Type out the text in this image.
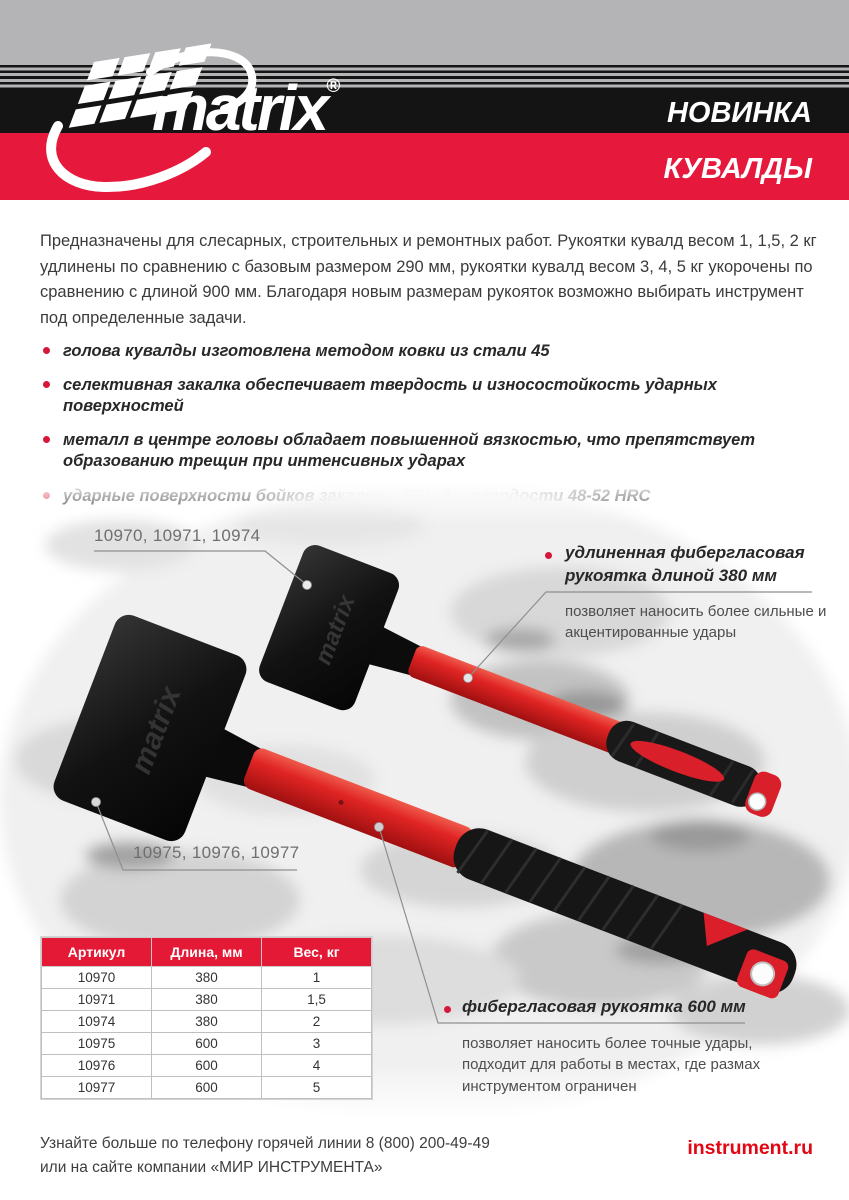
matrix®
НОВИНКА
КУВАЛДЫ
Предназначены для слесарных, строительных и ремонтных работ. Рукоятки кувалд весом 1, 1,5, 2 кг удлинены по сравнению с базовым размером 290 мм, рукоятки кувалд весом 3, 4, 5 кг укорочены по сравнению с длиной 900 мм. Благодаря новым размерам рукояток возможно выбирать инструмент под определенные задачи.
голова кувалды изготовлена методом ковки из стали 45
селективная закалка обеспечивает твердость и износостойкость ударных поверхностей
металл в центре головы обладает повышенной вязкостью, что препятствует образованию трещин при интенсивных ударах
matrix
matrix
10970, 10971, 10974
10975, 10976, 10977
удлиненная фибергласовая рукоятка длиной 380 мм
позволяет наносить более сильные и акцентированные удары
фибергласовая рукоятка 600 мм
позволяет наносить более точные удары, подходит для работы в местах, где размах инструментом ограничен
Артикул	Длина, мм	Вес, кг
10970	380	1
10971	380	1,5
10974	380	2
10975	600	3
10976	600	4
10977	600	5
Узнайте больше по телефону горячей линии 8 (800) 200-49-49
или на сайте компании «МИР ИНСТРУМЕНТА»
instrument.ru
